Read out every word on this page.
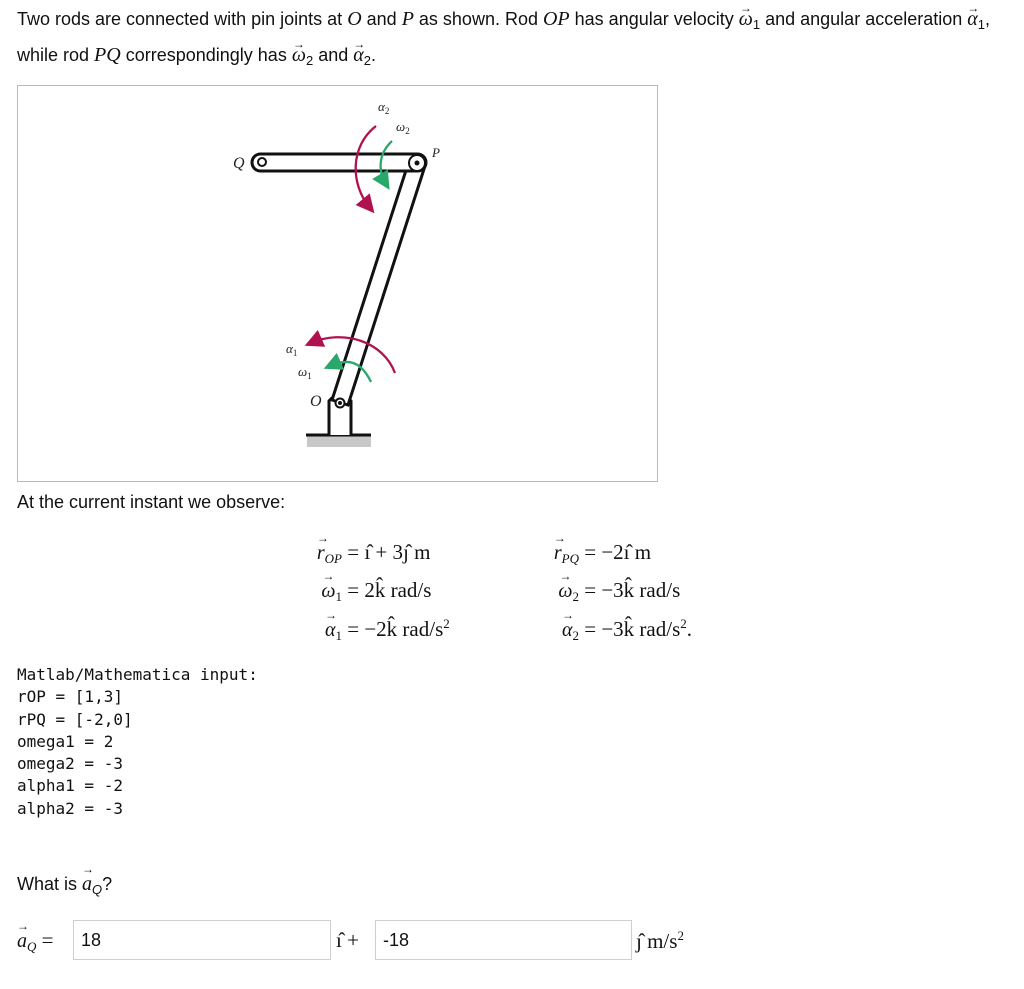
Two rods are connected with pin joints at O and P as shown. Rod OP has angular velocity → $\omega_1$ and angular acceleration → $\alpha_1$, while rod PQ correspondingly has → $\omega_2$ and → $\alpha_2$.
Q
P
O
$\alpha_2$
$\omega_2$
$\alpha_1$
$\omega_1$
At the current instant we observe:
→ $r_{OP}$ = ı̂ + 3ȷ̂ m
→ $\omega_1$ = 2k̂ rad/s
→ $\alpha_1$ = −2k̂ rad/$s^2$
→ $r_{PQ}$ = −2ı̂ m
→ $\omega_2$ = −3k̂ rad/s
→ $\alpha_2$ = −3k̂ rad/$s^2$.
Matlab/Mathematica input:
rOP = [1,3]
rPQ = [-2,0]
omega1 = 2
omega2 = -3
alpha1 = -2
alpha2 = -3
What is → $a_Q$?
→ $a_Q$ =
18	ı̂ +
-18	ȷ̂ $m/s^2$
